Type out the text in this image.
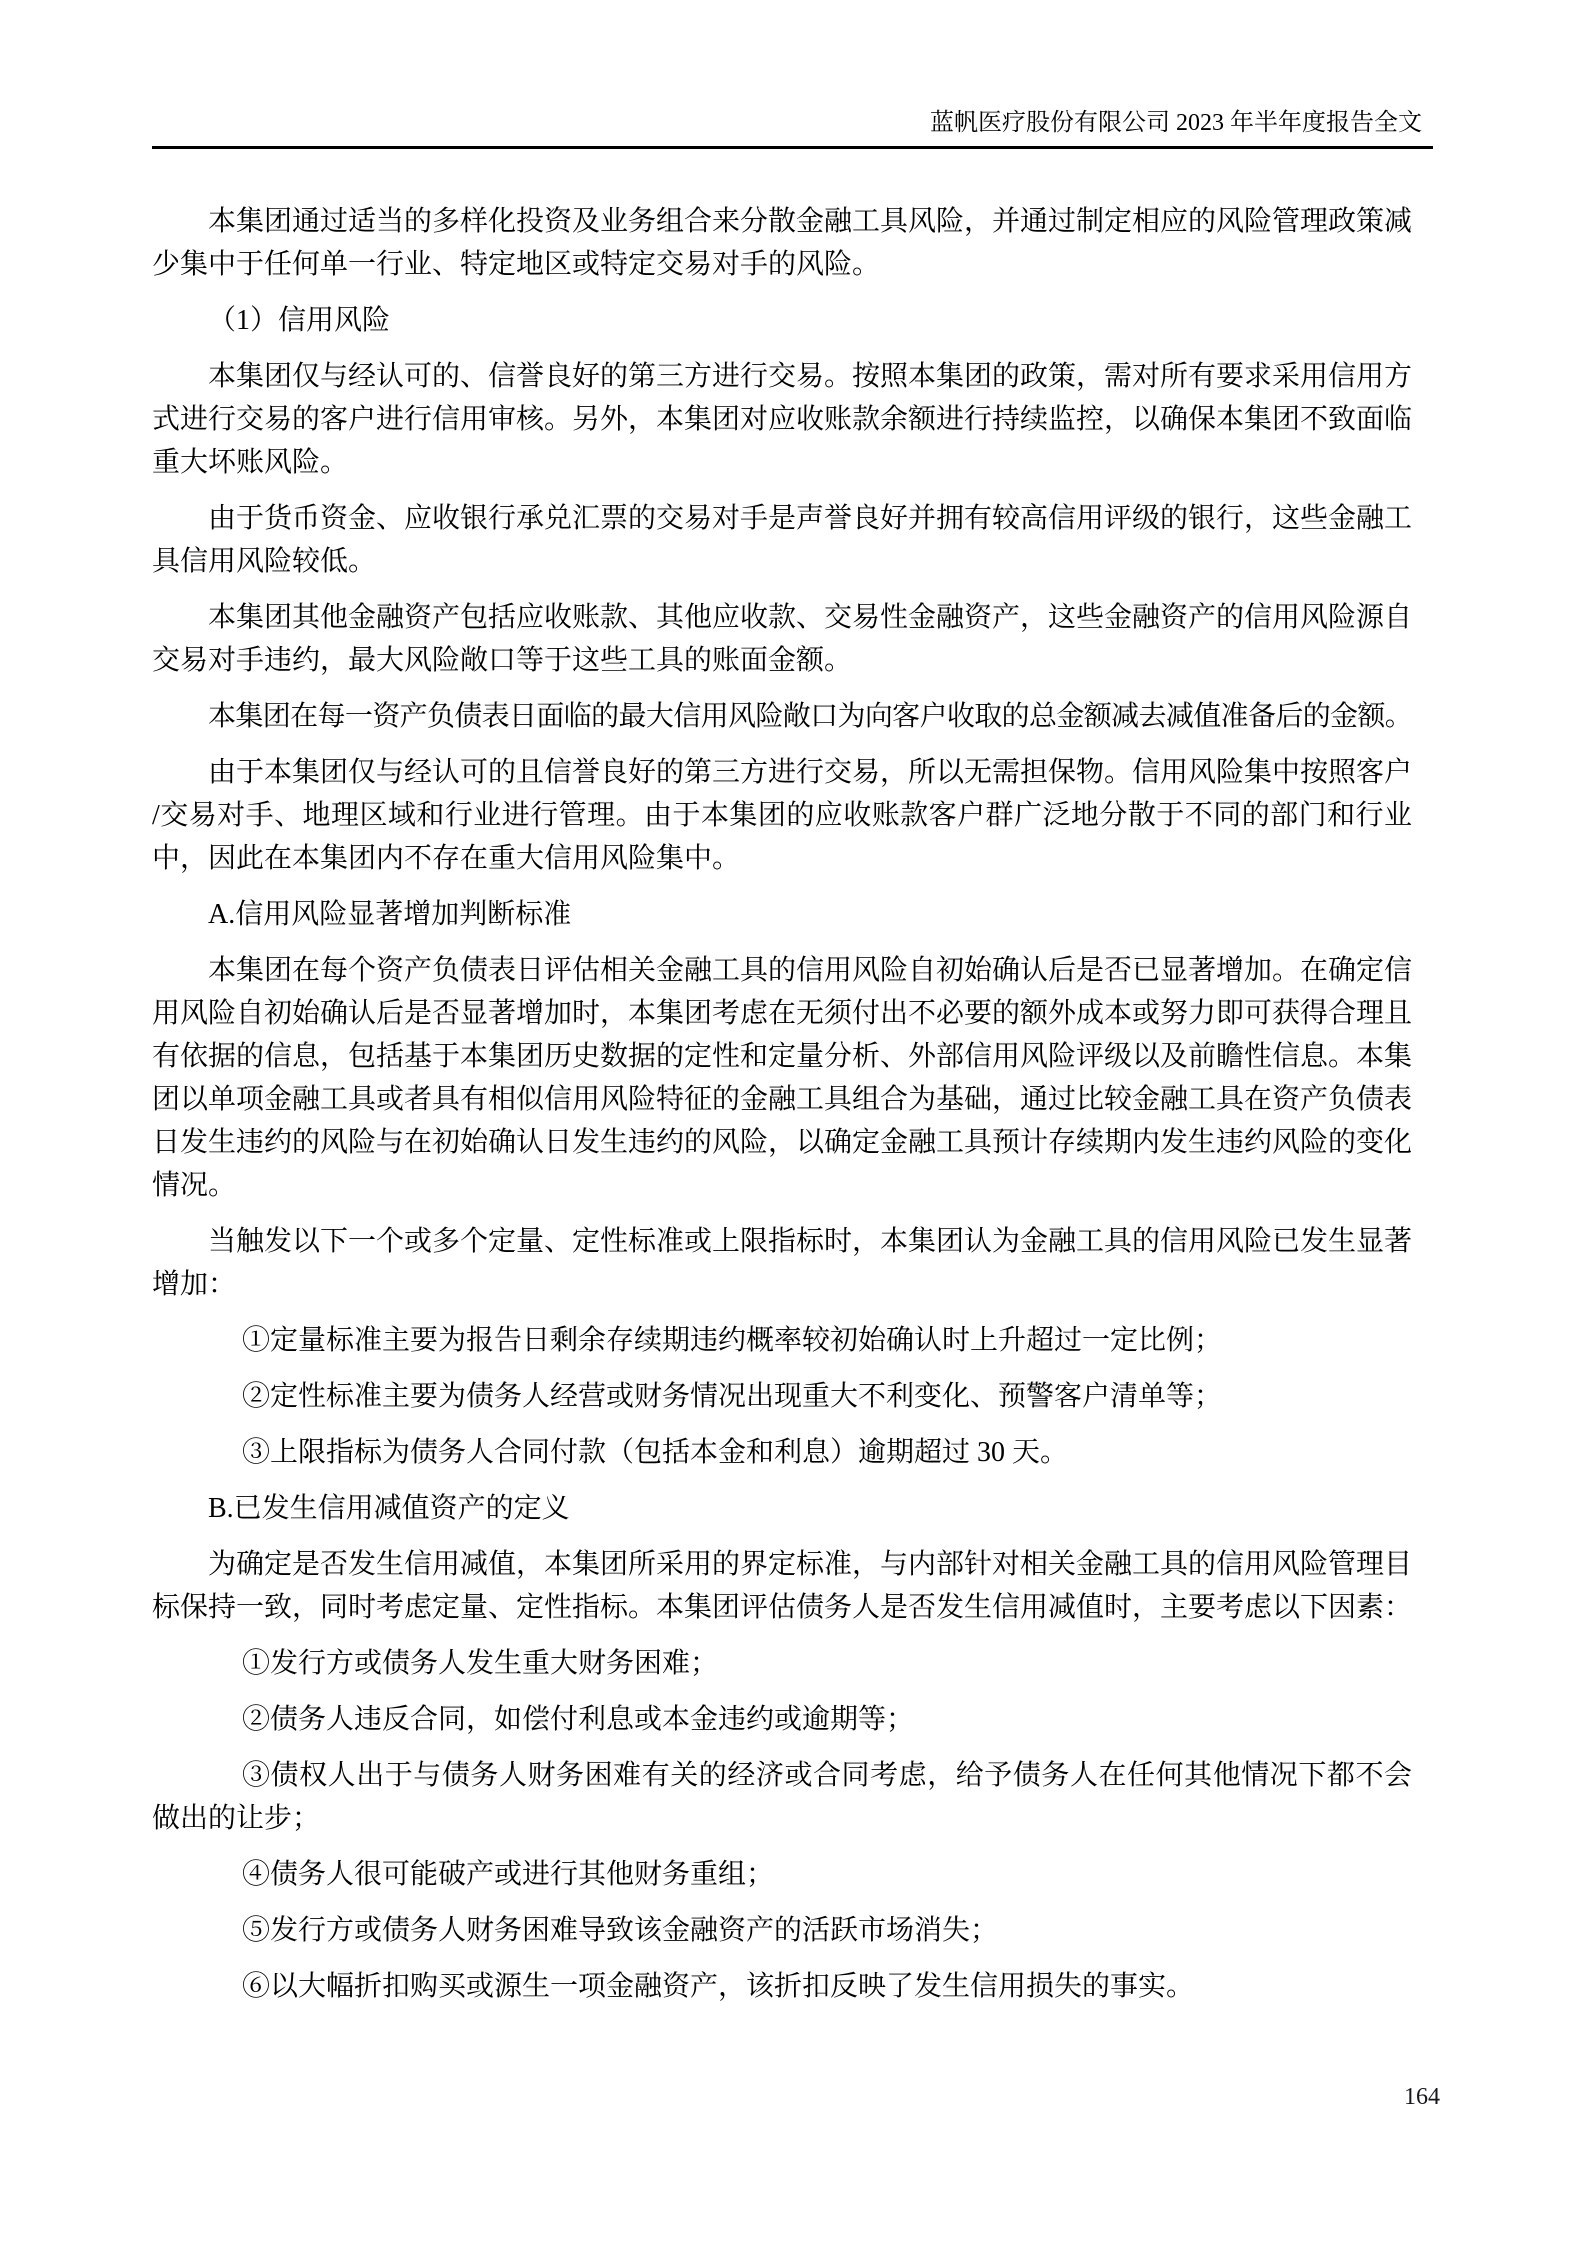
蓝帆医疗股份有限公司 2023 年半年度报告全文

本集团通过适当的多样化投资及业务组合来分散金融工具风险，并通过制定相应的风险管理政策减
少集中于任何单一行业、特定地区或特定交易对手的风险。

（1）信用风险

本集团仅与经认可的、信誉良好的第三方进行交易。按照本集团的政策，需对所有要求采用信用方
式进行交易的客户进行信用审核。另外，本集团对应收账款余额进行持续监控，以确保本集团不致面临
重大坏账风险。

由于货币资金、应收银行承兑汇票的交易对手是声誉良好并拥有较高信用评级的银行，这些金融工
具信用风险较低。

本集团其他金融资产包括应收账款、其他应收款、交易性金融资产，这些金融资产的信用风险源自
交易对手违约，最大风险敞口等于这些工具的账面金额。

本集团在每一资产负债表日面临的最大信用风险敞口为向客户收取的总金额减去减值准备后的金额。

由于本集团仅与经认可的且信誉良好的第三方进行交易，所以无需担保物。信用风险集中按照客户
/交易对手、地理区域和行业进行管理。由于本集团的应收账款客户群广泛地分散于不同的部门和行业
中，因此在本集团内不存在重大信用风险集中。

A.信用风险显著增加判断标准

本集团在每个资产负债表日评估相关金融工具的信用风险自初始确认后是否已显著增加。在确定信
用风险自初始确认后是否显著增加时，本集团考虑在无须付出不必要的额外成本或努力即可获得合理且
有依据的信息，包括基于本集团历史数据的定性和定量分析、外部信用风险评级以及前瞻性信息。本集
团以单项金融工具或者具有相似信用风险特征的金融工具组合为基础，通过比较金融工具在资产负债表
日发生违约的风险与在初始确认日发生违约的风险，以确定金融工具预计存续期内发生违约风险的变化
情况。

当触发以下一个或多个定量、定性标准或上限指标时，本集团认为金融工具的信用风险已发生显著
增加：

①定量标准主要为报告日剩余存续期违约概率较初始确认时上升超过一定比例；

②定性标准主要为债务人经营或财务情况出现重大不利变化、预警客户清单等；

③上限指标为债务人合同付款（包括本金和利息）逾期超过 30 天。

B.已发生信用减值资产的定义

为确定是否发生信用减值，本集团所采用的界定标准，与内部针对相关金融工具的信用风险管理目
标保持一致，同时考虑定量、定性指标。本集团评估债务人是否发生信用减值时，主要考虑以下因素：

①发行方或债务人发生重大财务困难；

②债务人违反合同，如偿付利息或本金违约或逾期等；

③债权人出于与债务人财务困难有关的经济或合同考虑，给予债务人在任何其他情况下都不会
做出的让步；

④债务人很可能破产或进行其他财务重组；

⑤发行方或债务人财务困难导致该金融资产的活跃市场消失；

⑥以大幅折扣购买或源生一项金融资产，该折扣反映了发生信用损失的事实。

164
